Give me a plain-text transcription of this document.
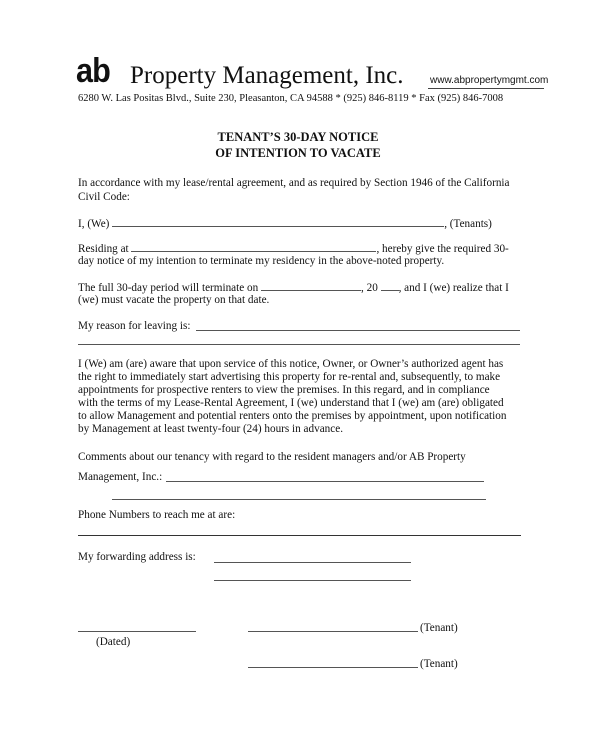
ab Property Management, Inc.	www.abpropertymgmt.com
6280 W. Las Positas Blvd., Suite 230, Pleasanton, CA 94588 * (925) 846-8119 * Fax (925) 846-7008
TENANT’S 30-DAY NOTICE
OF INTENTION TO VACATE
In accordance with my lease/rental agreement, and as required by Section 1946 of the California
Civil Code:
I, (We)	, (Tenants)
Residing at	, hereby give the required 30-
day notice of my intention to terminate my residency in the above-noted property.
The full 30-day period will terminate on	, 20 , and I (we) realize that I
(we) must vacate the property on that date.
My reason for leaving is:
I (We) am (are) aware that upon service of this notice, Owner, or Owner’s authorized agent has
the right to immediately start advertising this property for re-rental and, subsequently, to make
appointments for prospective renters to view the premises. In this regard, and in compliance
with the terms of my Lease-Rental Agreement, I (we) understand that I (we) am (are) obligated
to allow Management and potential renters onto the premises by appointment, upon notification
by Management at least twenty-four (24) hours in advance.
Comments about our tenancy with regard to the resident managers and/or AB Property
Management, Inc.:
Phone Numbers to reach me at are:
My forwarding address is:
(Dated)
(Tenant)
(Tenant)
